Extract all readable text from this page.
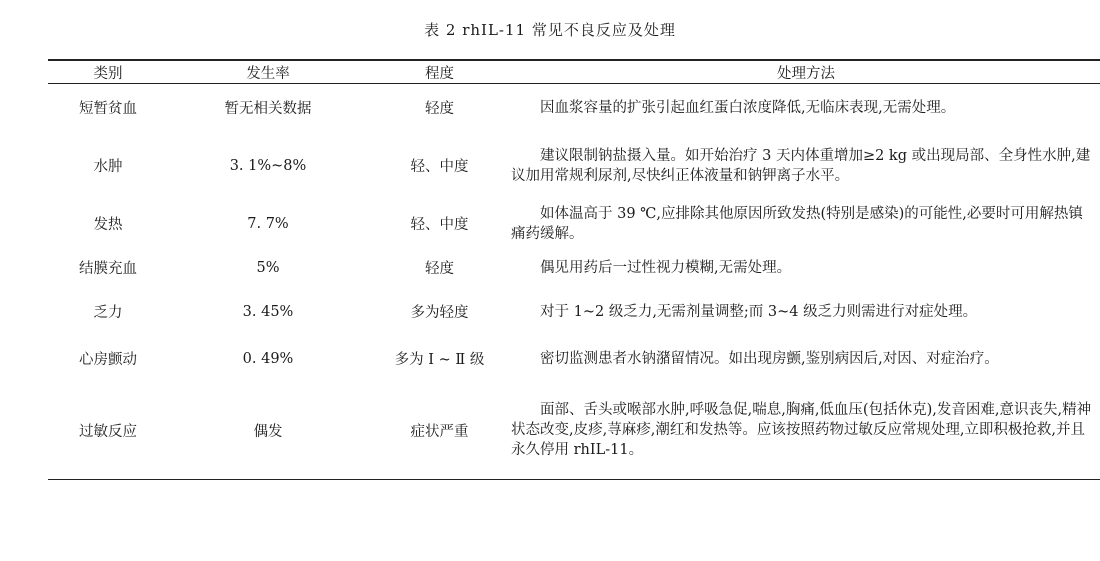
表 2 rhIL-11 常见不良反应及处理
类别	发生率	程度	处理方法
短暂贫血	暂无相关数据	轻度	因血浆容量的扩张引起血红蛋白浓度降低,无临床表现,无需处理。
水肿	3. 1%~8%	轻、中度	建议限制钠盐摄入量。如开始治疗 3 天内体重增加≥2 kg 或出现局部、全身性水肿,建议加用常规利尿剂,尽快纠正体液量和钠钾离子水平。
发热	7. 7%	轻、中度	如体温高于 39 ℃,应排除其他原因所致发热(特别是感染)的可能性,必要时可用解热镇痛药缓解。
结膜充血	5%	轻度	偶见用药后一过性视力模糊,无需处理。
乏力	3. 45%	多为轻度	对于 1~2 级乏力,无需剂量调整;而 3~4 级乏力则需进行对症处理。
心房颤动	0. 49%	多为 Ⅰ ~ Ⅱ 级	密切监测患者水钠潴留情况。如出现房颤,鉴别病因后,对因、对症治疗。
过敏反应	偶发	症状严重	面部、舌头或喉部水肿,呼吸急促,喘息,胸痛,低血压(包括休克),发音困难,意识丧失,精神状态改变,皮疹,荨麻疹,潮红和发热等。应该按照药物过敏反应常规处理,立即积极抢救,并且永久停用 rhIL-11。
